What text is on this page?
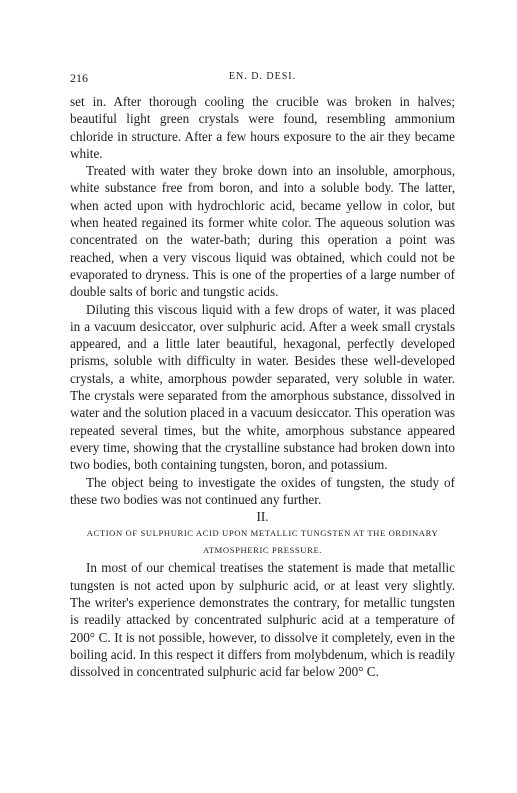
216	EN. D. DESI.

set in. After thorough cooling the crucible was broken in halves; beautiful light green crystals were found, resembling ammonium chloride in structure. After a few hours exposure to the air they became white.

Treated with water they broke down into an insoluble, amorphous, white substance free from boron, and into a soluble body. The latter, when acted upon with hydrochloric acid, became yellow in color, but when heated regained its former white color. The aqueous solution was concentrated on the water-bath; during this operation a point was reached, when a very viscous liquid was obtained, which could not be evaporated to dryness. This is one of the properties of a large number of double salts of boric and tungstic acids.

Diluting this viscous liquid with a few drops of water, it was placed in a vacuum desiccator, over sulphuric acid. After a week small crystals appeared, and a little later beautiful, hexagonal, perfectly developed prisms, soluble with difficulty in water. Besides these well-developed crystals, a white, amorphous powder separated, very soluble in water. The crystals were separated from the amorphous substance, dissolved in water and the solution placed in a vacuum desiccator. This operation was repeated several times, but the white, amorphous substance appeared every time, showing that the crystalline substance had broken down into two bodies, both containing tungsten, boron, and potassium.

The object being to investigate the oxides of tungsten, the study of these two bodies was not continued any further.

II.

ACTION OF SULPHURIC ACID UPON METALLIC TUNGSTEN AT THE ORDINARY ATMOSPHERIC PRESSURE.

In most of our chemical treatises the statement is made that metallic tungsten is not acted upon by sulphuric acid, or at least very slightly. The writer's experience demonstrates the contrary, for metallic tungsten is readily attacked by concentrated sulphuric acid at a temperature of 200° C. It is not possible, however, to dissolve it completely, even in the boiling acid. In this respect it differs from molybdenum, which is readily dissolved in concentrated sulphuric acid far below 200° C.
